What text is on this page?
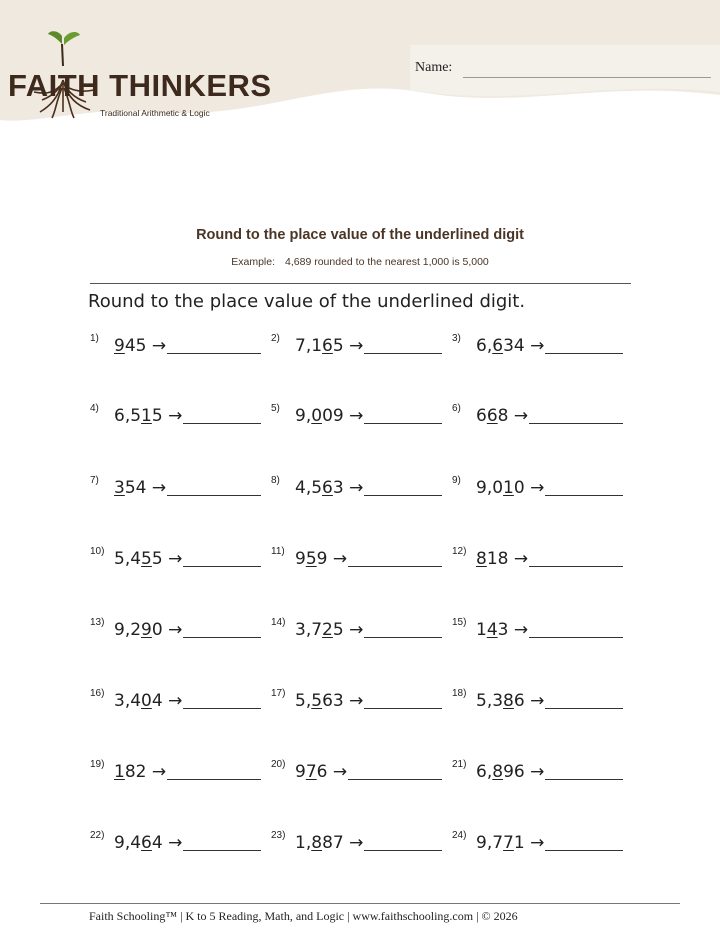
FAITH THINKERS
Traditional Arithmetic & Logic
Name:
Round to the place value of the underlined digit
Example: 4,689 rounded to the nearest 1,000 is 5,000
Round to the place value of the underlined digit.
1) 945 →	2) 7,165 →	3) 6,634 →
4) 6,515 →	5) 9,009 →	6) 668 →
7) 354 →	8) 4,563 →	9) 9,010 →
10) 5,455 →	11) 959 →	12) 818 →
13) 9,290 →	14) 3,725 →	15) 143 →
16) 3,404 →	17) 5,563 →	18) 5,386 →
19) 182 →	20) 976 →	21) 6,896 →
22) 9,464 →	23) 1,887 →	24) 9,771 →
Faith Schooling™ | K to 5 Reading, Math, and Logic | www.faithschooling.com | © 2026
